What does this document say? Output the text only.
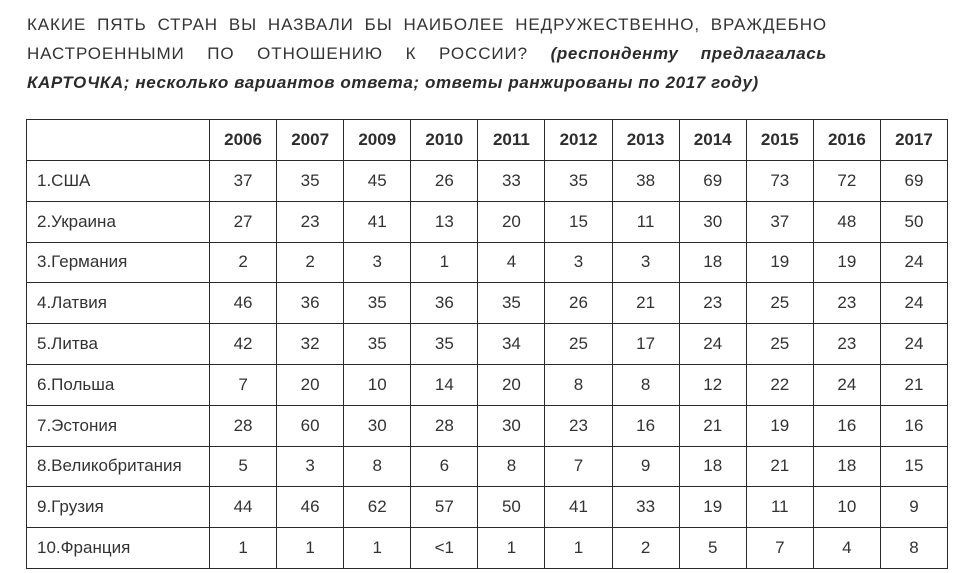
КАКИЕ ПЯТЬ СТРАН ВЫ НАЗВАЛИ БЫ НАИБОЛЕЕ НЕДРУЖЕСТВЕННО, ВРАЖДЕБНО НАСТРОЕННЫМИ ПО ОТНОШЕНИЮ К РОССИИ? (респонденту предлагалась КАРТОЧКА; несколько вариантов ответа; ответы ранжированы по 2017 году)
	2006	2007	2009	2010	2011	2012	2013	2014	2015	2016	2017
1.США	37	35	45	26	33	35	38	69	73	72	69
2.Украина	27	23	41	13	20	15	11	30	37	48	50
3.Германия	2	2	3	1	4	3	3	18	19	19	24
4.Латвия	46	36	35	36	35	26	21	23	25	23	24
5.Литва	42	32	35	35	34	25	17	24	25	23	24
6.Польша	7	20	10	14	20	8	8	12	22	24	21
7.Эстония	28	60	30	28	30	23	16	21	19	16	16
8.Великобритания	5	3	8	6	8	7	9	18	21	18	15
9.Грузия	44	46	62	57	50	41	33	19	11	10	9
10.Франция	1	1	1	<1	1	1	2	5	7	4	8
